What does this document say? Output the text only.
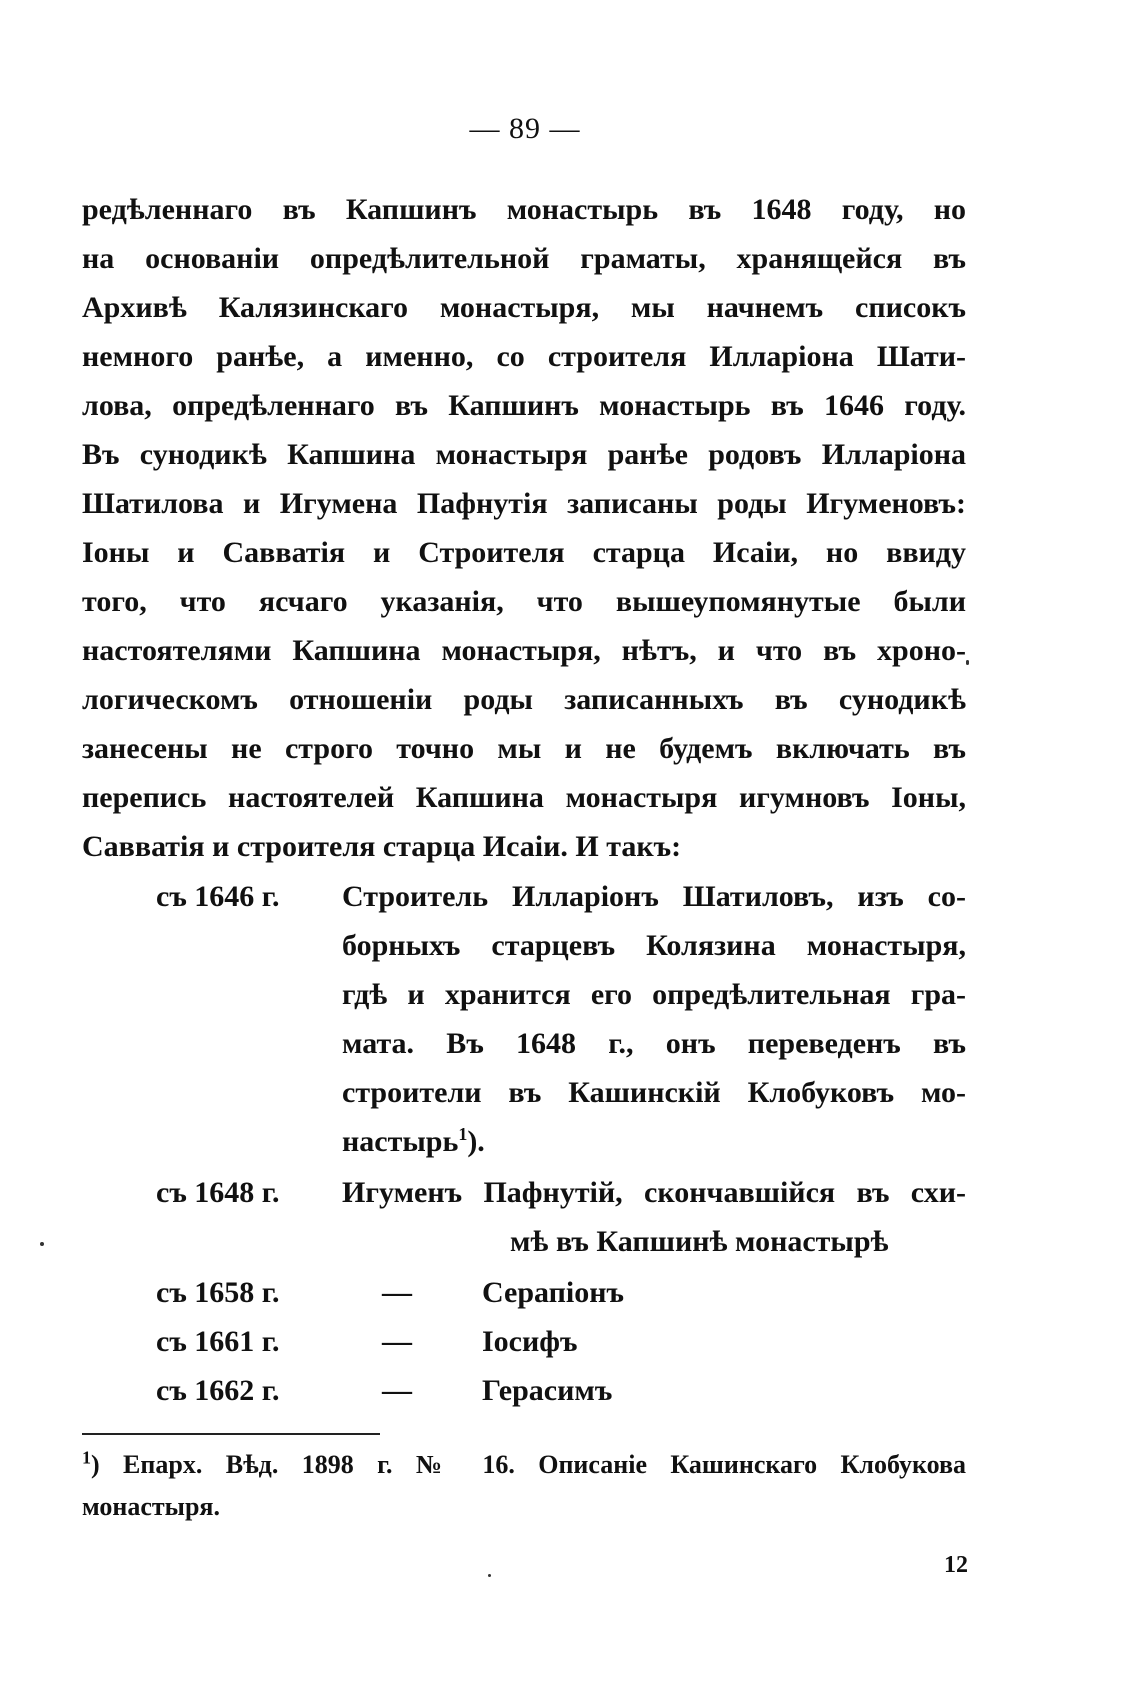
— 89 —
редѣленнаго въ Капшинъ монастырь въ 1648 году, но
на основаніи опредѣлительной граматы, хранящейся въ
Архивѣ Калязинскаго монастыря, мы начнемъ списокъ
немного ранѣе, а именно, со строителя Илларіона Шати-
лова, опредѣленнаго въ Капшинъ монастырь въ 1646 году.
Въ сунодикѣ Капшина монастыря ранѣе родовъ Илларіона
Шатилова и Игумена Пафнутія записаны роды Игуменовъ:
Іоны и Савватія и Строителя старца Исаіи, но ввиду
того, что ясчаго указанія, что вышеупомянутые были
настоятелями Капшина монастыря, нѣтъ, и что въ хроно-
логическомъ отношеніи роды записанныхъ въ сунодикѣ
занесены не строго точно мы и не будемъ включать въ
перепись настоятелей Капшина монастыря игумновъ Іоны,
Савватія и строителя старца Исаіи. И такъ:
съ 1646 г. Строитель Илларіонъ Шатиловъ, изъ со-
борныхъ старцевъ Колязина монастыря,
гдѣ и хранится его опредѣлительная гра-
мата. Въ 1648 г., онъ переведенъ въ
строители въ Кашинскій Клобуковъ мо-
настырь$^1$).
съ 1648 г. Игуменъ Пафнутій, скончавшійся въ схи-
мѣ въ Капшинѣ монастырѣ
съ 1658 г.	— Серапіонъ
съ 1661 г.	— Іосифъ
съ 1662 г.	— Герасимъ
$^1$) Епарх. Вѣд. 1898 г. № 16. Описаніе Кашинскаго Клобукова
монастыря.
12
